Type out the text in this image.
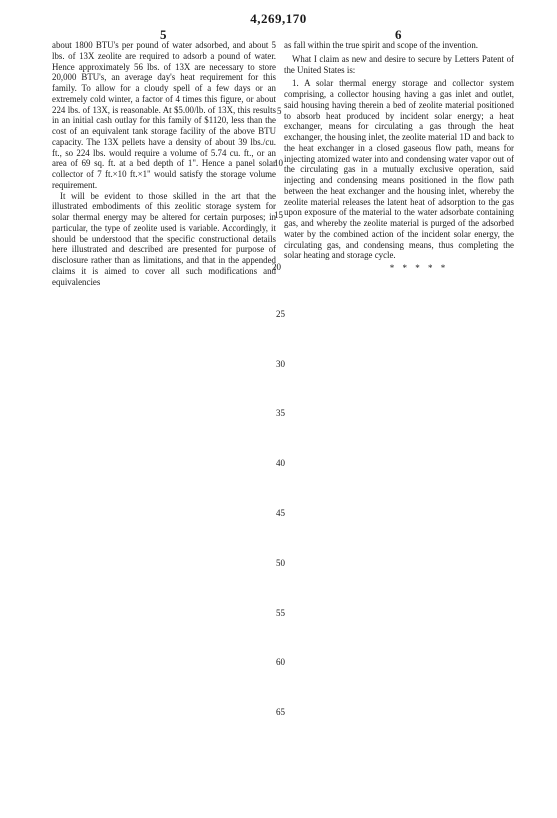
4,269,170
5	6

about 1800 BTU's per pound of water adsorbed, and about 5 lbs. of 13X zeolite are required to adsorb a pound of water. Hence approximately 56 lbs. of 13X are necessary to store 20,000 BTU's, an average day's heat requirement for this family. To allow for a cloudy spell of a few days or an extremely cold winter, a factor of 4 times this figure, or about 224 lbs. of 13X, is reasonable. At $5.00/lb. of 13X, this results in an initial cash outlay for this family of $1120, less than the cost of an equivalent tank storage facility of the above BTU capacity. The 13X pellets have a density of about 39 lbs./cu. ft., so 224 lbs. would require a volume of 5.74 cu. ft., or an area of 69 sq. ft. at a bed depth of 1". Hence a panel solar collector of 7 ft.×10 ft.×1" would satisfy the storage volume requirement.

It will be evident to those skilled in the art that the illustrated embodiments of this zeolitic storage system for solar thermal energy may be altered for certain purposes; in particular, the type of zeolite used is variable. Accordingly, it should be understood that the specific constructional details here illustrated and described are presented for purpose of disclosure rather than as limitations, and that in the appended claims it is aimed to cover all such modifications and equivalencies

as fall within the true spirit and scope of the invention.

What I claim as new and desire to secure by Letters Patent of the United States is:

1. A solar thermal energy storage and collector system comprising, a collector housing having a gas inlet and outlet, said housing having therein a bed of zeolite material positioned to absorb heat produced by incident solar energy; a heat exchanger, means for circulating a gas through the heat exchanger, the housing inlet, the zeolite material 1D and back to the heat exchanger in a closed gaseous flow path, means for injecting atomized water into and condensing water vapor out of the circulating gas in a mutually exclusive operation, said injecting and condensing means positioned in the flow path between the heat exchanger and the housing inlet, whereby the zeolite material releases the latent heat of adsorption to the gas upon exposure of the material to the water adsorbate containing gas, and whereby the zeolite material is purged of the adsorbed water by the combined action of the incident solar energy, the circulating gas, and condensing means, thus completing the solar heating and storage cycle.

* * * * *
5
10
15
20
25
30
35
40
45
50
55
60
65
